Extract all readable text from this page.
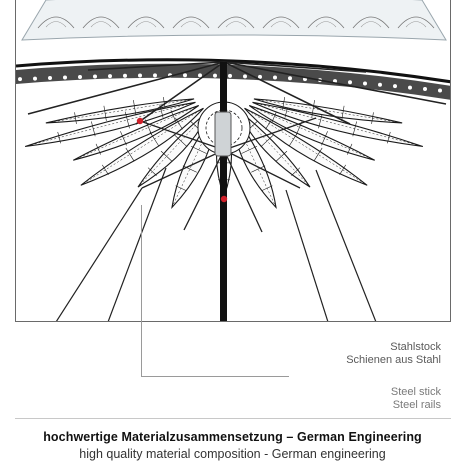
Stahlstock
Schienen aus Stahl
Steel stick
Steel rails
hochwertige Materialzusammensetzung – German Engineering
high quality material composition - German engineering
